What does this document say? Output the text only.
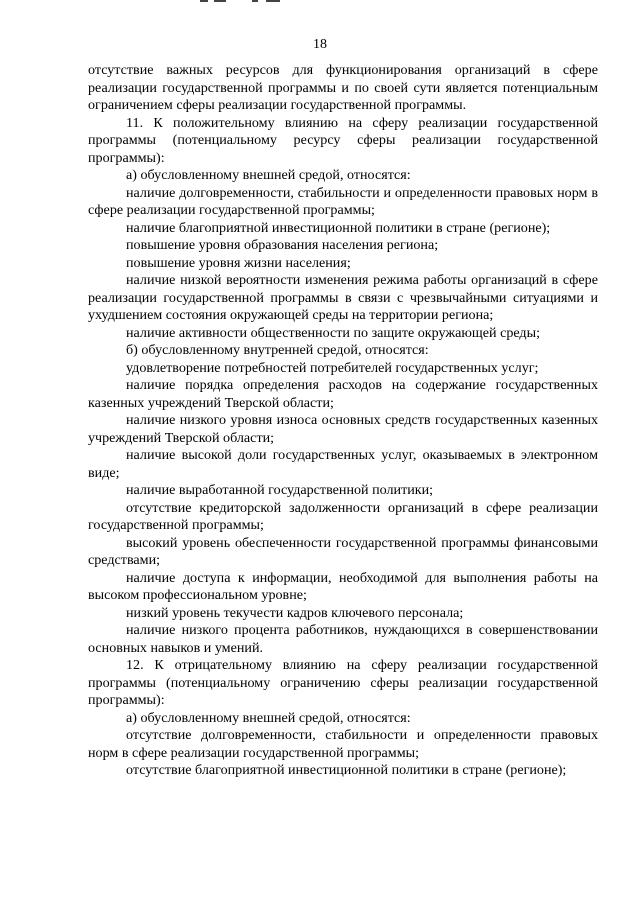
18

отсутствие важных ресурсов для функционирования организаций в сфере реализации государственной программы и по своей сути является потенциальным ограничением сферы реализации государственной программы.

11. К положительному влиянию на сферу реализации государственной программы (потенциальному ресурсу сферы реализации государственной программы):

а) обусловленному внешней средой, относятся:

наличие долговременности, стабильности и определенности правовых норм в сфере реализации государственной программы;

наличие благоприятной инвестиционной политики в стране (регионе);

повышение уровня образования населения региона;

повышение уровня жизни населения;

наличие низкой вероятности изменения режима работы организаций в сфере реализации государственной программы в связи с чрезвычайными ситуациями и ухудшением состояния окружающей среды на территории региона;

наличие активности общественности по защите окружающей среды;

б) обусловленному внутренней средой, относятся:

удовлетворение потребностей потребителей государственных услуг;

наличие порядка определения расходов на содержание государственных казенных учреждений Тверской области;

наличие низкого уровня износа основных средств государственных казенных учреждений Тверской области;

наличие высокой доли государственных услуг, оказываемых в электронном виде;

наличие выработанной государственной политики;

отсутствие кредиторской задолженности организаций в сфере реализации государственной программы;

высокий уровень обеспеченности государственной программы финансовыми средствами;

наличие доступа к информации, необходимой для выполнения работы на высоком профессиональном уровне;

низкий уровень текучести кадров ключевого персонала;

наличие низкого процента работников, нуждающихся в совершенствовании основных навыков и умений.

12. К отрицательному влиянию на сферу реализации государственной программы (потенциальному ограничению сферы реализации государственной программы):

а) обусловленному внешней средой, относятся:

отсутствие долговременности, стабильности и определенности правовых норм в сфере реализации государственной программы;

отсутствие благоприятной инвестиционной политики в стране (регионе);
